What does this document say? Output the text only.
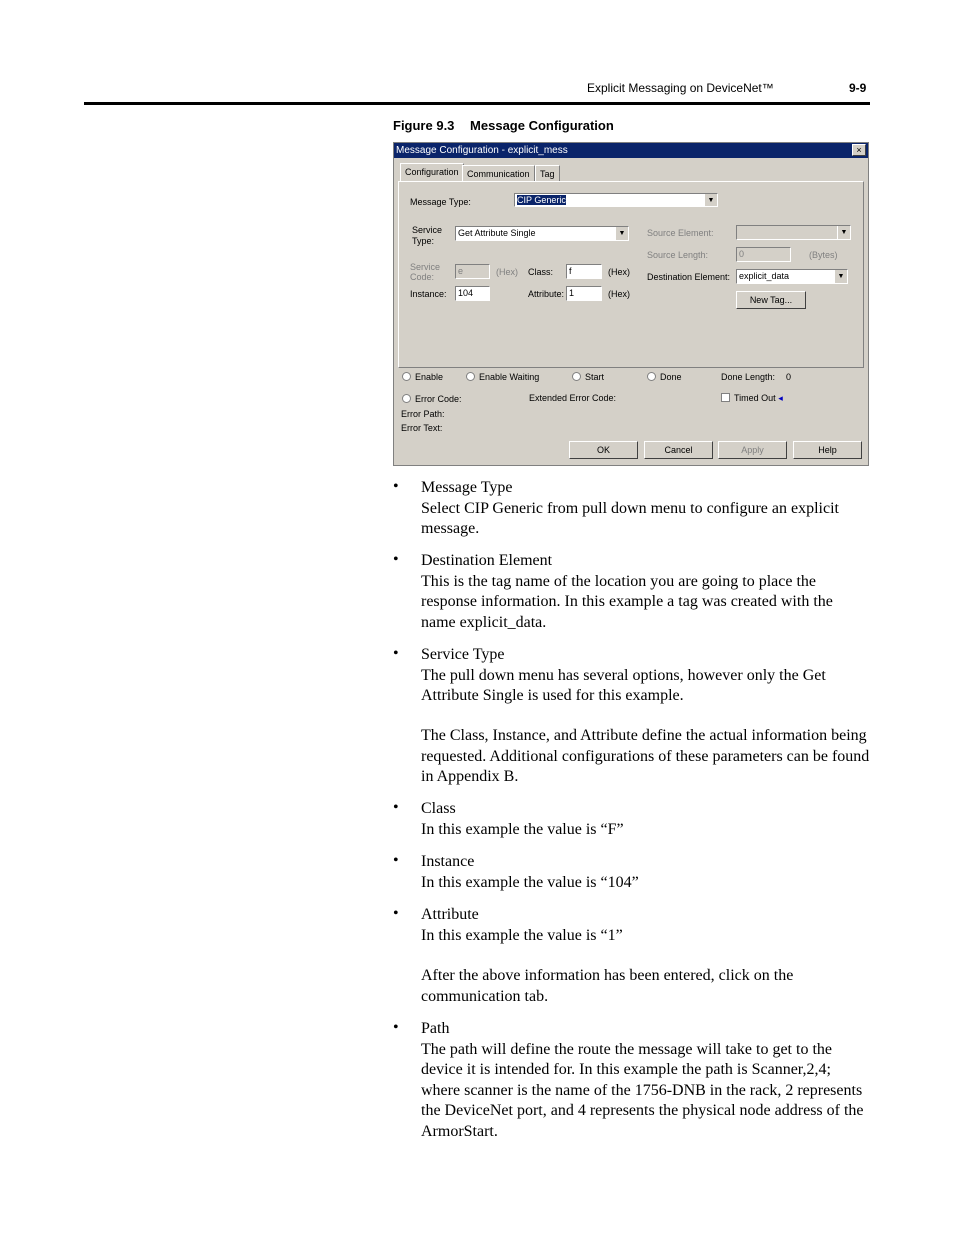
Explicit Messaging on DeviceNet™	9-9
Figure 9.3 Message Configuration
Message Configuration - explicit_mess	×
Configuration Communication	Tag
Message Type:	CIP Generic	▼
Service
Type:
Get Attribute Single	▼
Service
Code:
e	(Hex) Class:	f	(Hex)
Instance:	104	Attribute: 1	(Hex)
Source Element:	▼
Source Length:	0	(Bytes)
Destination Element: explicit_data	▼
New Tag...
Enable	Enable Waiting	Start	Done	Done Length: 0
Error Code:	Extended Error Code:	Timed Out ◂
Error Path:
Error Text:
OK	Cancel	Apply	Help
• Message Type
Select CIP Generic from pull down menu to configure an explicit message.
• Destination Element
This is the tag name of the location you are going to place the response information. In this example a tag was created with the name explicit_data.
• Service Type
The pull down menu has several options, however only the Get Attribute Single is used for this example.
The Class, Instance, and Attribute define the actual information being requested. Additional configurations of these parameters can be found in Appendix B.
• Class
In this example the value is “F”
• Instance
In this example the value is “104”
• Attribute
In this example the value is “1”
After the above information has been entered, click on the communication tab.
• Path
The path will define the route the message will take to get to the device it is intended for. In this example the path is Scanner,2,4; where scanner is the name of the 1756-DNB in the rack, 2 represents the DeviceNet port, and 4 represents the physical node address of the ArmorStart.
